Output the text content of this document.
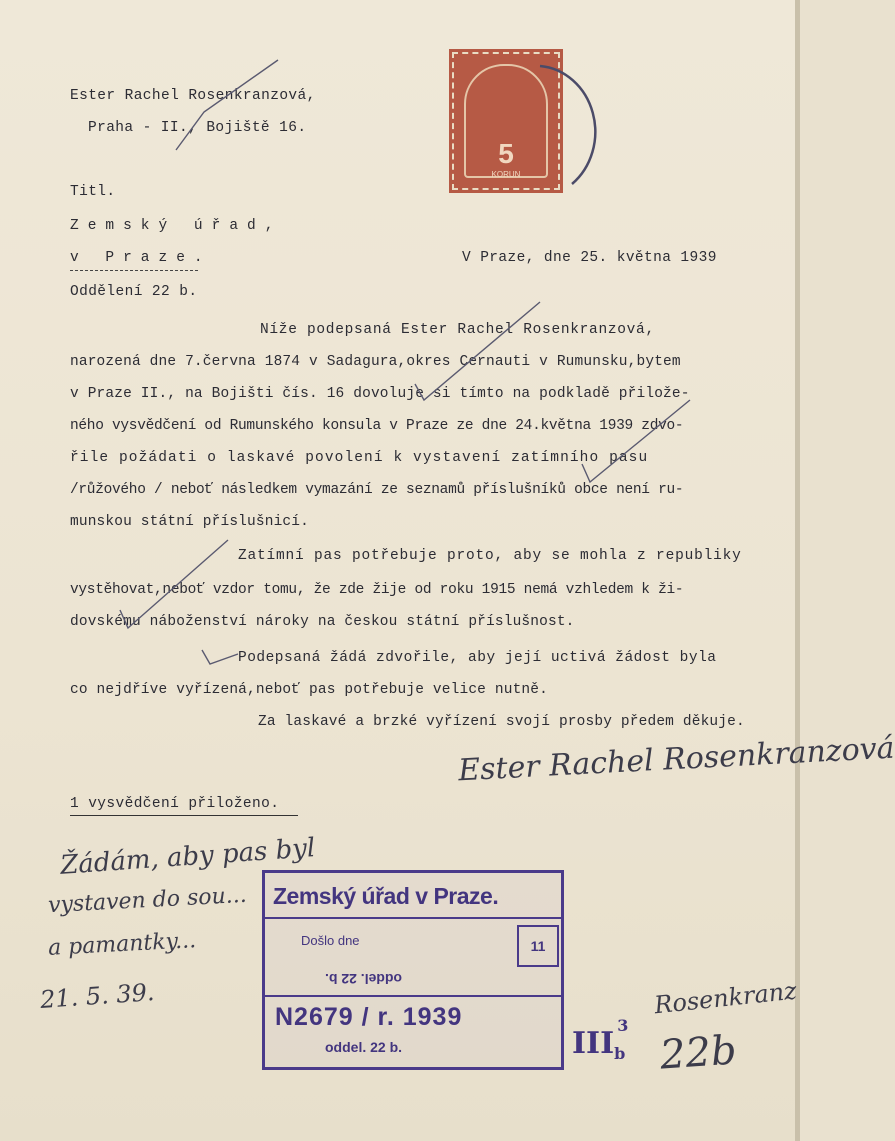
Ester Rachel Rosenkranzová,
Praha - II., Bojiště 16.
5
KORUN
Titl.
Zemský úřad,
v Praze.	V Praze, dne 25. května 1939
Oddělení 22 b.
Níže podepsaná Ester Rachel Rosenkranzová,
narozená dne 7.června 1874 v Sadagura,okres Cernauti v Rumunsku,bytem
v Praze II., na Bojišti čís. 16 dovoluje si tímto na podkladě přilože-
ného vysvědčení od Rumunského konsula v Praze ze dne 24.května 1939 zdvo-
řile požádati o laskavé povolení k vystavení zatímního pasu
/růžového / neboť následkem vymazání ze seznamů příslušníků obce není ru-
munskou státní příslušnicí.
Zatímní pas potřebuje proto, aby se mohla z republiky
vystěhovat,neboť vzdor tomu, že zde žije od roku 1915 nemá vzhledem k ži-
dovskému náboženství nároky na českou státní příslušnost.
Podepsaná žádá zdvořile, aby její uctivá žádost byla
co nejdříve vyřízená,neboť pas potřebuje velice nutně.
Za laskavé a brzké vyřízení svojí prosby předem děkuje.
Ester Rachel Rosenkranzová
1 vysvědčení přiloženo.
Žádám, aby pas byl
vystaven do sou...
a pamantky...
21. 5. 39.
Zemský úřad v Praze.
11
Došlo dne
oddel. 22 b.
N2679 / r. 1939
oddel. 22 b.	$III_b^3$
Rosenkranz
22b
